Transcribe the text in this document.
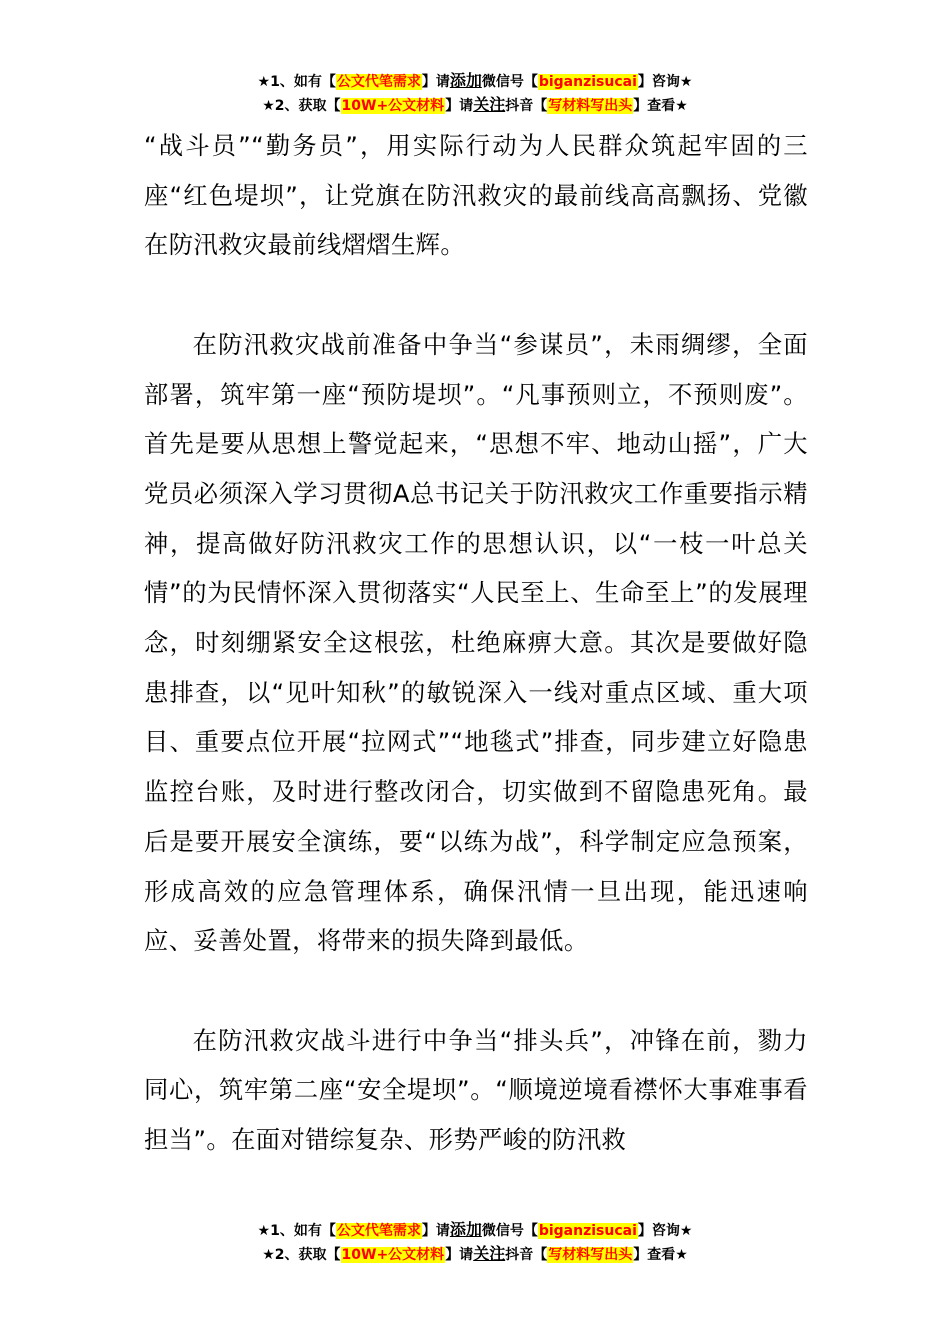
★1、如有【公文代笔需求】请添加微信号【biganzisucai】咨询★
★2、获取【10W+公文材料】请关注抖音【写材料写出头】查看★

“战斗员”“勤务员”，用实际行动为人民群众筑起牢固的三座“红色堤坝”，让党旗在防汛救灾的最前线高高飘扬、党徽在防汛救灾最前线熠熠生辉。

在防汛救灾战前准备中争当“参谋员”，未雨绸缪，全面部署，筑牢第一座“预防堤坝”。“凡事预则立，不预则废”。首先是要从思想上警觉起来，“思想不牢、地动山摇”，广大党员必须深入学习贯彻A总书记关于防汛救灾工作重要指示精神，提高做好防汛救灾工作的思想认识，以“一枝一叶总关情”的为民情怀深入贯彻落实“人民至上、生命至上”的发展理念，时刻绷紧安全这根弦，杜绝麻痹大意。其次是要做好隐患排查，以“见叶知秋”的敏锐深入一线对重点区域、重大项目、重要点位开展“拉网式”“地毯式”排查，同步建立好隐患监控台账，及时进行整改闭合，切实做到不留隐患死角。最后是要开展安全演练，要“以练为战”，科学制定应急预案，形成高效的应急管理体系，确保汛情一旦出现，能迅速响应、妥善处置，将带来的损失降到最低。

在防汛救灾战斗进行中争当“排头兵”，冲锋在前，勠力同心，筑牢第二座“安全堤坝”。“顺境逆境看襟怀大事难事看担当”。在面对错综复杂、形势严峻的防汛救

★1、如有【公文代笔需求】请添加微信号【biganzisucai】咨询★
★2、获取【10W+公文材料】请关注抖音【写材料写出头】查看★
